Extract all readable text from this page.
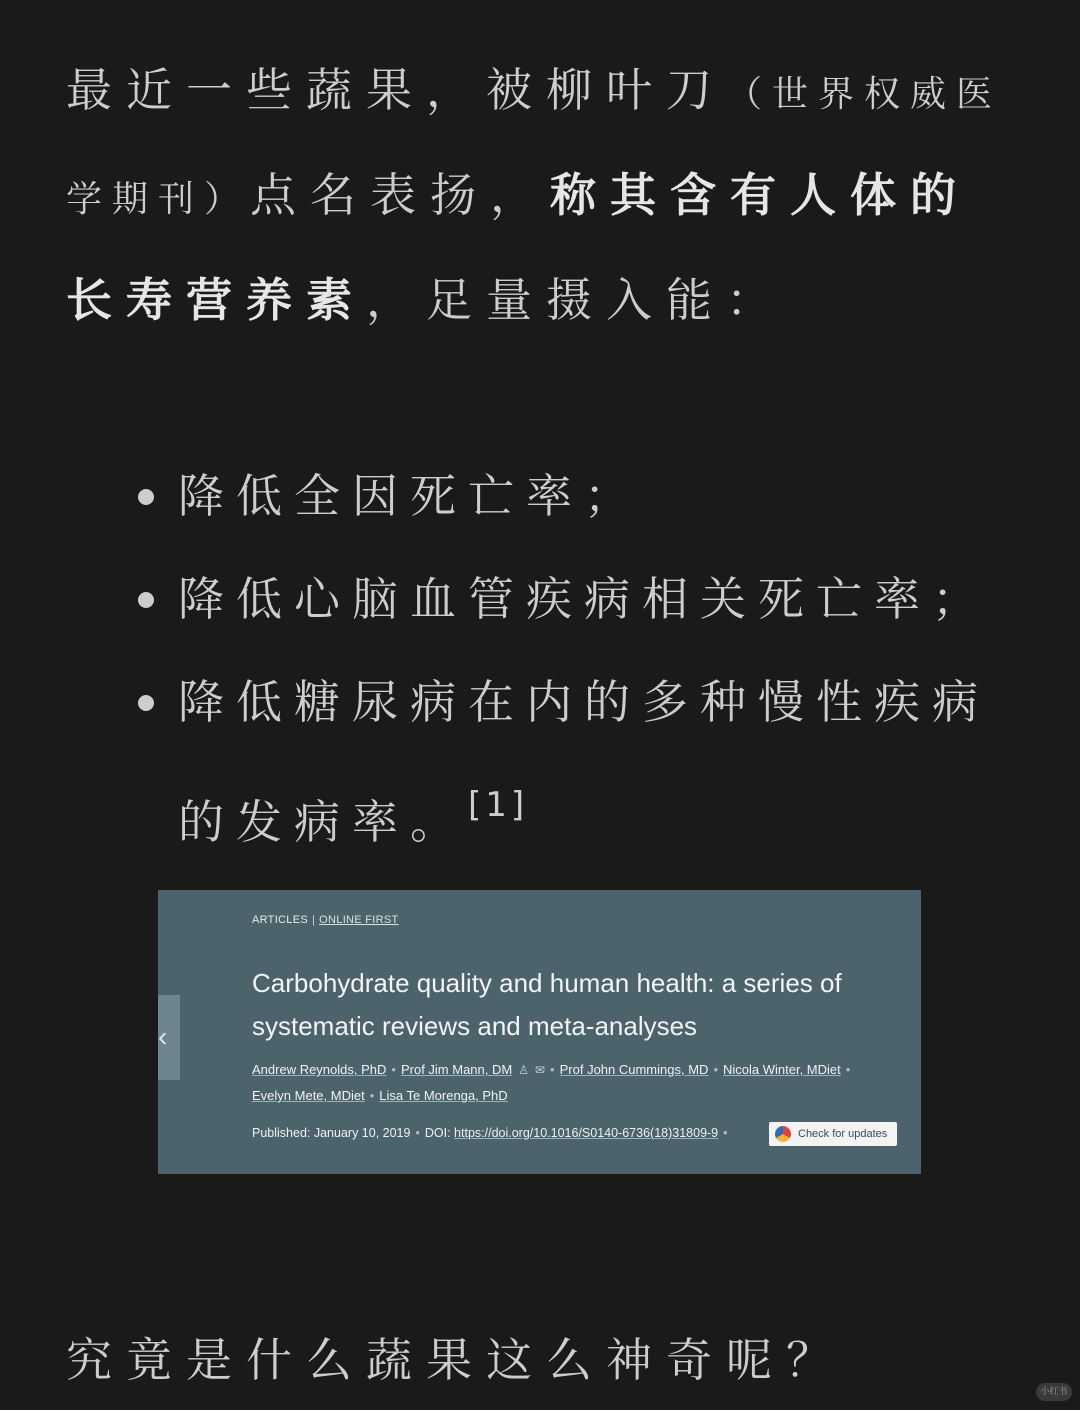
最近一些蔬果，被柳叶刀（世界权威医学期刊）点名表扬，称其含有人体的长寿营养素，足量摄入能：
降低全因死亡率；
降低心脑血管疾病相关死亡率；
降低糖尿病在内的多种慢性疾病的发病率。[1]
‹
ARTICLES | ONLINE FIRST
Carbohydrate quality and human health: a series of systematic reviews and meta-analyses
Andrew Reynolds, PhD • Prof Jim Mann, DM ♙ ✉ • Prof John Cummings, MD • Nicola Winter, MDiet •
Evelyn Mete, MDiet • Lisa Te Morenga, PhD
Published: January 10, 2019 • DOI: https://doi.org/10.1016/S0140-6736(18)31809-9 •	Check for updates
究竟是什么蔬果这么神奇呢？
小红书
